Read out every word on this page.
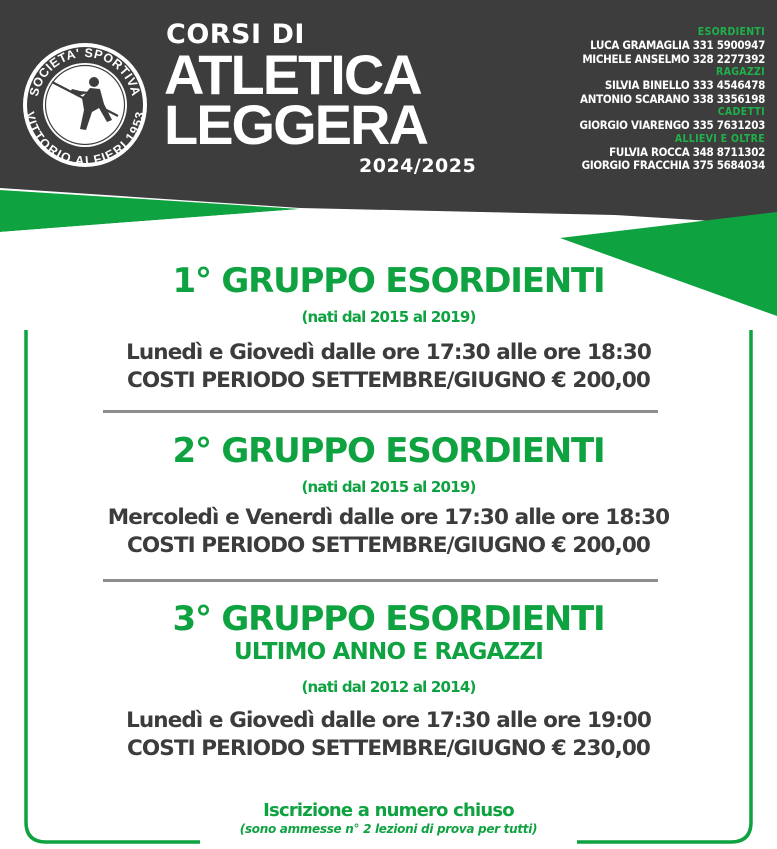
SOCIETA' SPORTIVA
VITTORIO ALFIERI 1953
CORSI DI
ATLETICA
LEGGERA
2024/2025
ESORDIENTI
LUCA GRAMAGLIA 331 5900947
MICHELE ANSELMO 328 2277392
RAGAZZI
SILVIA BINELLO 333 4546478
ANTONIO SCARANO 338 3356198
CADETTI
GIORGIO VIARENGO 335 7631203
ALLIEVI E OLTRE
FULVIA ROCCA 348 8711302
GIORGIO FRACCHIA 375 5684034
1° GRUPPO ESORDIENTI
(nati dal 2015 al 2019)
Lunedì e Giovedì dalle ore 17:30 alle ore 18:30
COSTI PERIODO SETTEMBRE/GIUGNO € 200,00
2° GRUPPO ESORDIENTI
(nati dal 2015 al 2019)
Mercoledì e Venerdì dalle ore 17:30 alle ore 18:30
COSTI PERIODO SETTEMBRE/GIUGNO € 200,00
3° GRUPPO ESORDIENTI
ULTIMO ANNO E RAGAZZI
(nati dal 2012 al 2014)
Lunedì e Giovedì dalle ore 17:30 alle ore 19:00
COSTI PERIODO SETTEMBRE/GIUGNO € 230,00
Iscrizione a numero chiuso
(sono ammesse n° 2 lezioni di prova per tutti)
